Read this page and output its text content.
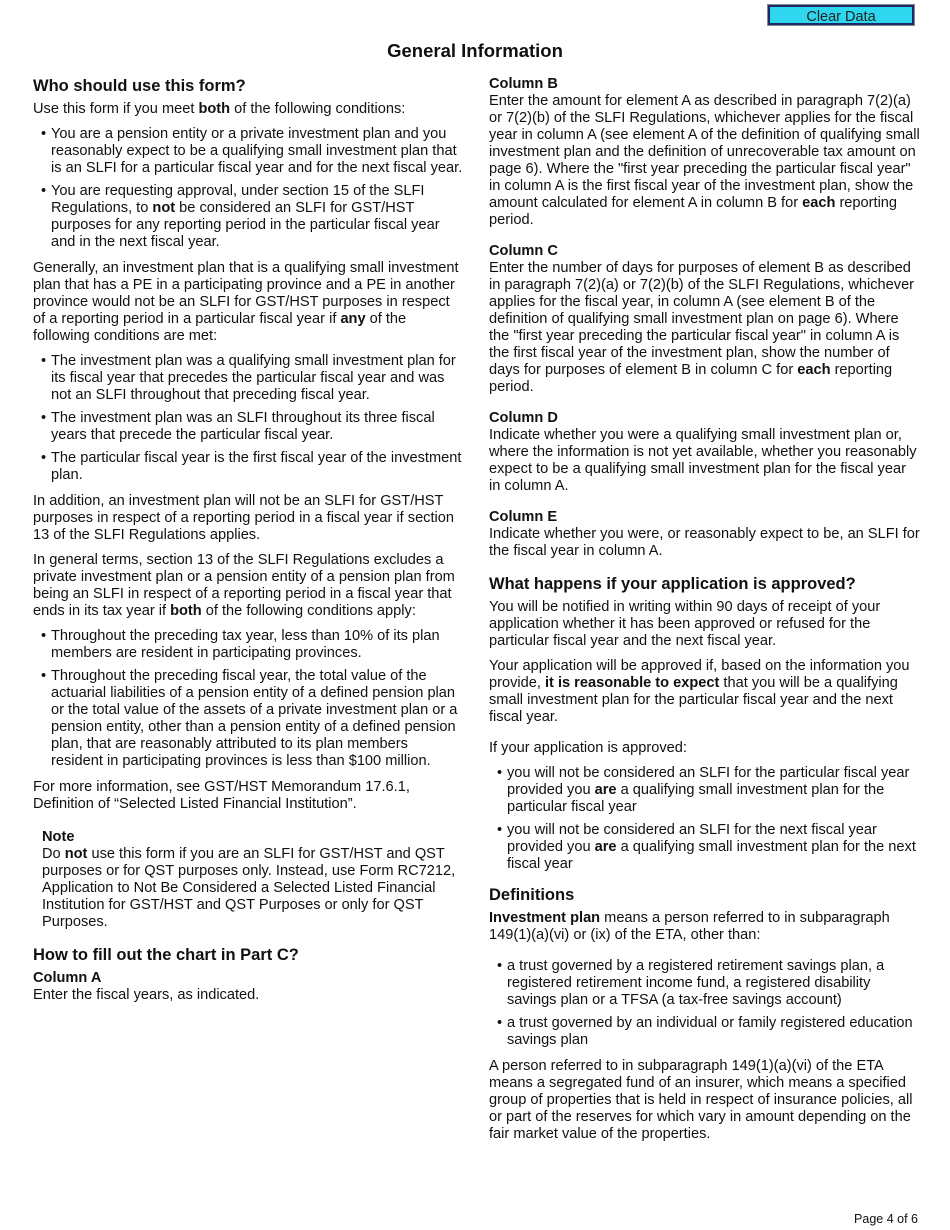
Clear Data
General Information
Who should use this form?

Use this form if you meet both of the following conditions:

• You are a pension entity or a private investment plan and you reasonably expect to be a qualifying small investment plan that is an SLFI for a particular fiscal year and for the next fiscal year.
• You are requesting approval, under section 15 of the SLFI Regulations, to not be considered an SLFI for GST/HST purposes for any reporting period in the particular fiscal year and in the next fiscal year.

Generally, an investment plan that is a qualifying small investment plan that has a PE in a participating province and a PE in another province would not be an SLFI for GST/HST purposes in respect of a reporting period in a particular fiscal year if any of the following conditions are met:

• The investment plan was a qualifying small investment plan for its fiscal year that precedes the particular fiscal year and was not an SLFI throughout that preceding fiscal year.
• The investment plan was an SLFI throughout its three fiscal years that precede the particular fiscal year.
• The particular fiscal year is the first fiscal year of the investment plan.

In addition, an investment plan will not be an SLFI for GST/HST purposes in respect of a reporting period in a fiscal year if section 13 of the SLFI Regulations applies.

In general terms, section 13 of the SLFI Regulations excludes a private investment plan or a pension entity of a pension plan from being an SLFI in respect of a reporting period in a fiscal year that ends in its tax year if both of the following conditions apply:

• Throughout the preceding tax year, less than 10% of its plan members are resident in participating provinces.
• Throughout the preceding fiscal year, the total value of the actuarial liabilities of a pension entity of a defined pension plan or the total value of the assets of a private investment plan or a pension entity, other than a pension entity of a defined pension plan, that are reasonably attributed to its plan members resident in participating provinces is less than $100 million.

For more information, see GST/HST Memorandum 17.6.1, Definition of “Selected Listed Financial Institution”.

Note

Do not use this form if you are an SLFI for GST/HST and QST purposes or for QST purposes only. Instead, use Form RC7212, Application to Not Be Considered a Selected Listed Financial Institution for GST/HST and QST Purposes or only for QST Purposes.

How to fill out the chart in Part C?
Column A

Enter the fiscal years, as indicated.

Column B

Enter the amount for element A as described in paragraph 7(2)(a) or 7(2)(b) of the SLFI Regulations, whichever applies for the fiscal year in column A (see element A of the definition of qualifying small investment plan and the definition of unrecoverable tax amount on page 6). Where the "first year preceding the particular fiscal year" in column A is the first fiscal year of the investment plan, show the amount calculated for element A in column B for each reporting period.

Column C

Enter the number of days for purposes of element B as described in paragraph 7(2)(a) or 7(2)(b) of the SLFI Regulations, whichever applies for the fiscal year, in column A (see element B of the definition of qualifying small investment plan on page 6). Where the "first year preceding the particular fiscal year" in column A is the first fiscal year of the investment plan, show the number of days for purposes of element B in column C for each reporting period.

Column D

Indicate whether you were a qualifying small investment plan or, where the information is not yet available, whether you reasonably expect to be a qualifying small investment plan for the fiscal year in column A.

Column E

Indicate whether you were, or reasonably expect to be, an SLFI for the fiscal year in column A.

What happens if your application is approved?

You will be notified in writing within 90 days of receipt of your application whether it has been approved or refused for the particular fiscal year and the next fiscal year.

Your application will be approved if, based on the information you provide, it is reasonable to expect that you will be a qualifying small investment plan for the particular fiscal year and the next fiscal year.

If your application is approved:

• you will not be considered an SLFI for the particular fiscal year provided you are a qualifying small investment plan for the particular fiscal year
• you will not be considered an SLFI for the next fiscal year provided you are a qualifying small investment plan for the next fiscal year
Definitions

Investment plan means a person referred to in subparagraph 149(1)(a)(vi) or (ix) of the ETA, other than:

• a trust governed by a registered retirement savings plan, a registered retirement income fund, a registered disability savings plan or a TFSA (a tax-free savings account)
• a trust governed by an individual or family registered education savings plan

A person referred to in subparagraph 149(1)(a)(vi) of the ETA means a segregated fund of an insurer, which means a specified group of properties that is held in respect of insurance policies, all or part of the reserves for which vary in amount depending on the fair market value of the properties.

Page 4 of 6
